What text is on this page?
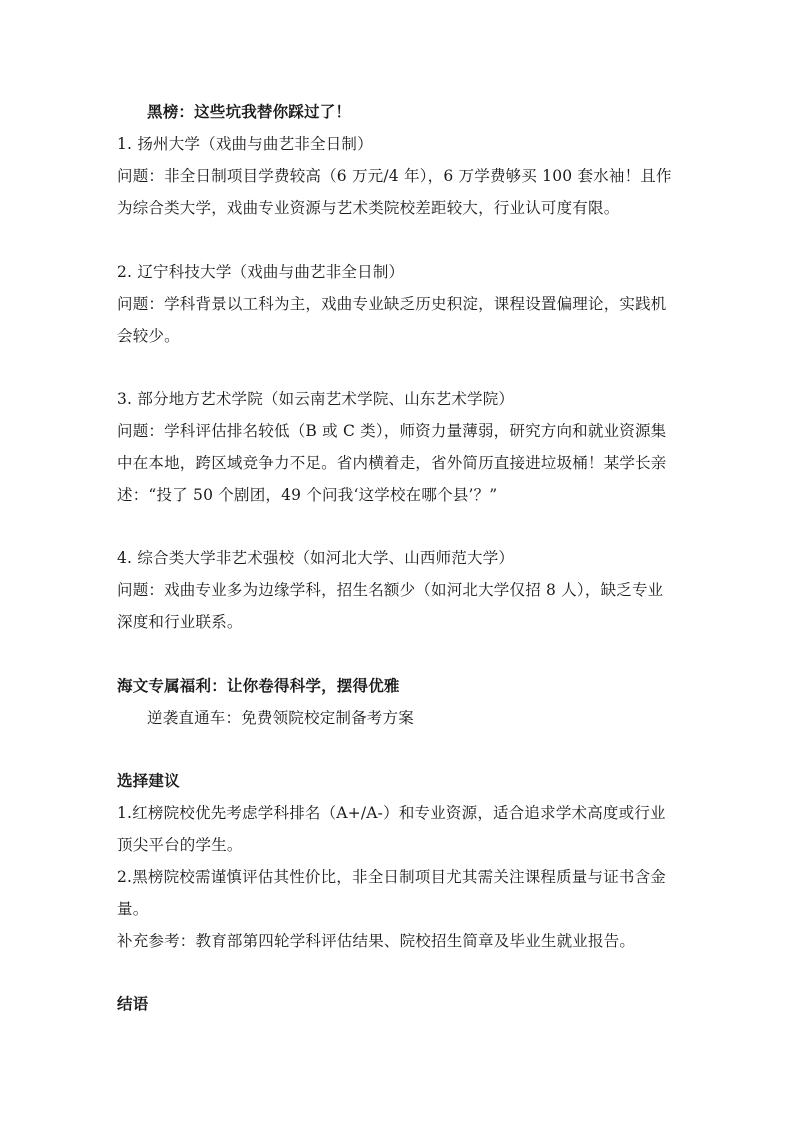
黑榜：这些坑我替你踩过了！
1. 扬州大学（戏曲与曲艺非全日制）
问题：非全日制项目学费较高（6 万元/4 年），6 万学费够买 100 套水袖！且作
为综合类大学，戏曲专业资源与艺术类院校差距较大，行业认可度有限。
2. 辽宁科技大学（戏曲与曲艺非全日制）
问题：学科背景以工科为主，戏曲专业缺乏历史积淀，课程设置偏理论，实践机
会较少。
3. 部分地方艺术学院（如云南艺术学院、山东艺术学院）
问题：学科评估排名较低（B 或 C 类），师资力量薄弱，研究方向和就业资源集
中在本地，跨区域竞争力不足。省内横着走，省外简历直接进垃圾桶！某学长亲
述：“投了 50 个剧团，49 个问我‘这学校在哪个县’？”
4. 综合类大学非艺术强校（如河北大学、山西师范大学）
问题：戏曲专业多为边缘学科，招生名额少（如河北大学仅招 8 人），缺乏专业
深度和行业联系。
海文专属福利：让你卷得科学，摆得优雅
逆袭直通车：免费领院校定制备考方案
选择建议
1.红榜院校优先考虑学科排名（A+/A-）和专业资源，适合追求学术高度或行业
顶尖平台的学生。
2.黑榜院校需谨慎评估其性价比，非全日制项目尤其需关注课程质量与证书含金
量。
补充参考：教育部第四轮学科评估结果、院校招生简章及毕业生就业报告。
结语
